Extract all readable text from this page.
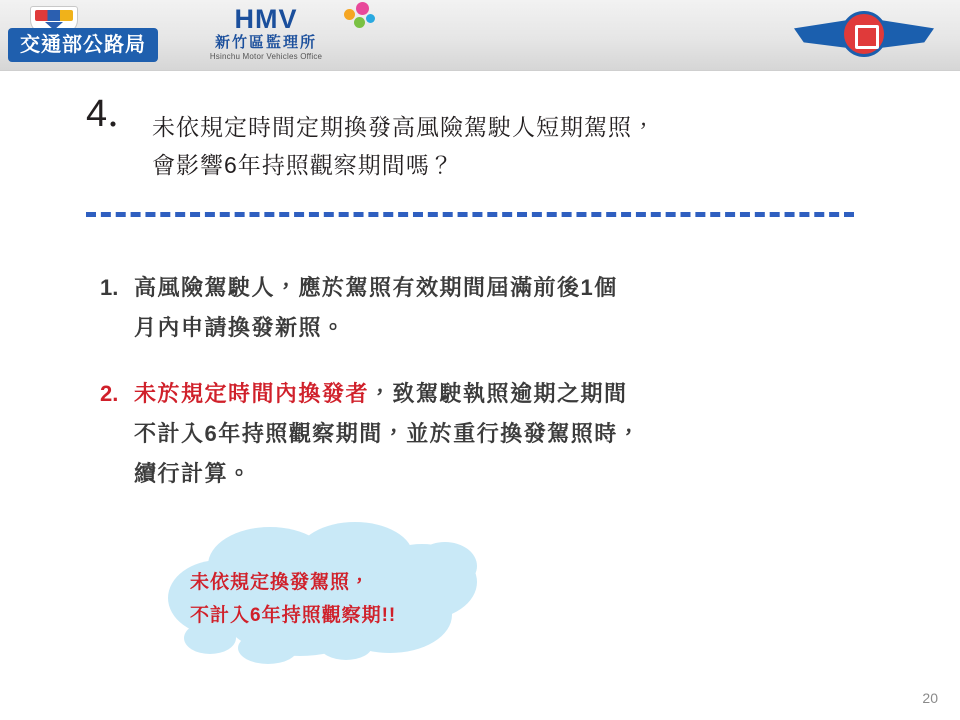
交通部公路局
HMV
新竹區監理所
Hsinchu Motor Vehicles Office
4． 未依規定時間定期換發高風險駕駛人短期駕照，
會影響6年持照觀察期間嗎？
1. 高風險駕駛人，應於駕照有效期間屆滿前後1個
月內申請換發新照。
2. 未於規定時間內換發者，致駕駛執照逾期之期間
不計入6年持照觀察期間，並於重行換發駕照時，
續行計算。
未依規定換發駕照，
不計入6年持照觀察期!!
20
